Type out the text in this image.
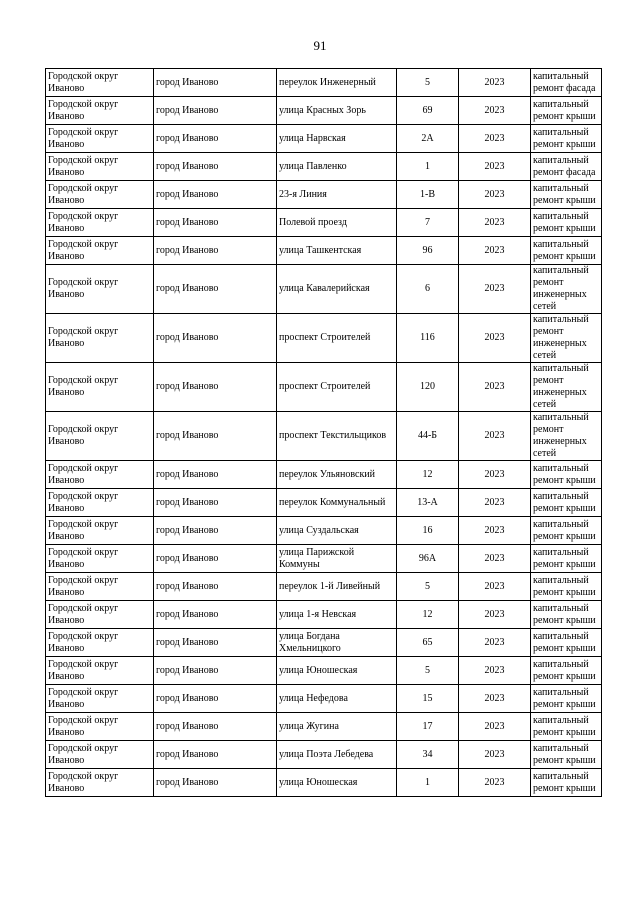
91
Городской округ Иваново	город Иваново	переулок Инженерный	5	2023	капитальный ремонт фасада
Городской округ Иваново	город Иваново	улица Красных Зорь	69	2023	капитальный ремонт крыши
Городской округ Иваново	город Иваново	улица Нарвская	2А	2023	капитальный ремонт крыши
Городской округ Иваново	город Иваново	улица Павленко	1	2023	капитальный ремонт фасада
Городской округ Иваново	город Иваново	23-я Линия	1-В	2023	капитальный ремонт крыши
Городской округ Иваново	город Иваново	Полевой проезд	7	2023	капитальный ремонт крыши
Городской округ Иваново	город Иваново	улица Ташкентская	96	2023	капитальный ремонт крыши
Городской округ Иваново	город Иваново	улица Кавалерийская	6	2023	капитальный ремонт инженерных сетей
Городской округ Иваново	город Иваново	проспект Строителей	116	2023	капитальный ремонт инженерных сетей
Городской округ Иваново	город Иваново	проспект Строителей	120	2023	капитальный ремонт инженерных сетей
Городской округ Иваново	город Иваново	проспект Текстильщиков	44-Б	2023	капитальный ремонт инженерных сетей
Городской округ Иваново	город Иваново	переулок Ульяновский	12	2023	капитальный ремонт крыши
Городской округ Иваново	город Иваново	переулок Коммунальный	13-А	2023	капитальный ремонт крыши
Городской округ Иваново	город Иваново	улица Суздальская	16	2023	капитальный ремонт крыши
Городской округ Иваново	город Иваново	улица Парижской Коммуны	96А	2023	капитальный ремонт крыши
Городской округ Иваново	город Иваново	переулок 1-й Ливейный	5	2023	капитальный ремонт крыши
Городской округ Иваново	город Иваново	улица 1-я Невская	12	2023	капитальный ремонт крыши
Городской округ Иваново	город Иваново	улица Богдана Хмельницкого	65	2023	капитальный ремонт крыши
Городской округ Иваново	город Иваново	улица Юношеская	5	2023	капитальный ремонт крыши
Городской округ Иваново	город Иваново	улица Нефедова	15	2023	капитальный ремонт крыши
Городской округ Иваново	город Иваново	улица Жугина	17	2023	капитальный ремонт крыши
Городской округ Иваново	город Иваново	улица Поэта Лебедева	34	2023	капитальный ремонт крыши
Городской округ Иваново	город Иваново	улица Юношеская	1	2023	капитальный ремонт крыши
